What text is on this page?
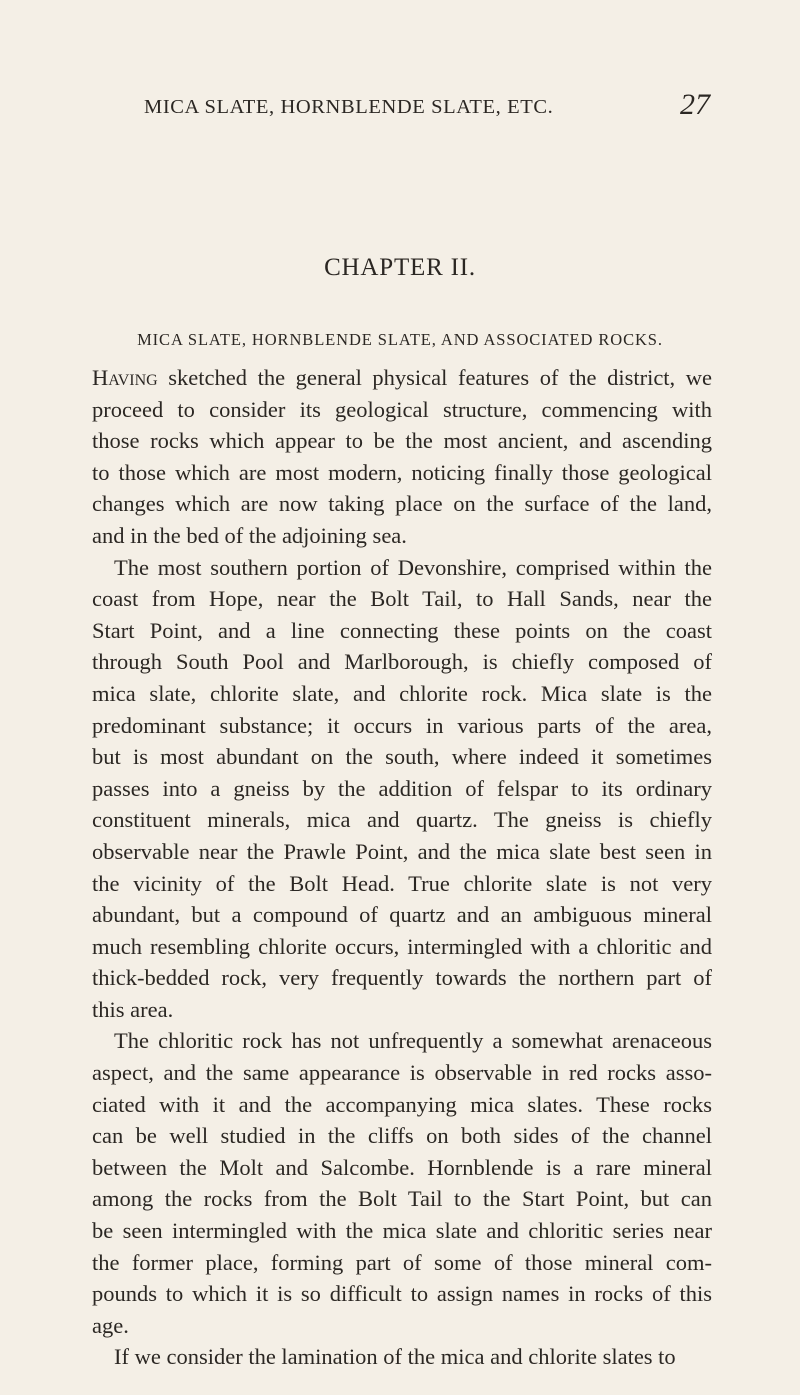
MICA SLATE, HORNBLENDE SLATE, ETC.	27
CHAPTER II.
MICA SLATE, HORNBLENDE SLATE, AND ASSOCIATED ROCKS.
Having sketched the general physical features of the district, we
proceed to consider its geological structure, commencing with
those rocks which appear to be the most ancient, and ascending
to those which are most modern, noticing finally those geological
changes which are now taking place on the surface of the land,
and in the bed of the adjoining sea.
The most southern portion of Devonshire, comprised within the
coast from Hope, near the Bolt Tail, to Hall Sands, near the
Start Point, and a line connecting these points on the coast
through South Pool and Marlborough, is chiefly composed of
mica slate, chlorite slate, and chlorite rock. Mica slate is the
predominant substance; it occurs in various parts of the area,
but is most abundant on the south, where indeed it sometimes
passes into a gneiss by the addition of felspar to its ordinary
constituent minerals, mica and quartz. The gneiss is chiefly
observable near the Prawle Point, and the mica slate best seen in
the vicinity of the Bolt Head. True chlorite slate is not very
abundant, but a compound of quartz and an ambiguous mineral
much resembling chlorite occurs, intermingled with a chloritic and
thick-bedded rock, very frequently towards the northern part of
this area.
The chloritic rock has not unfrequently a somewhat arenaceous
aspect, and the same appearance is observable in red rocks asso-
ciated with it and the accompanying mica slates. These rocks
can be well studied in the cliffs on both sides of the channel
between the Molt and Salcombe. Hornblende is a rare mineral
among the rocks from the Bolt Tail to the Start Point, but can
be seen intermingled with the mica slate and chloritic series near
the former place, forming part of some of those mineral com-
pounds to which it is so difficult to assign names in rocks of this
age.
If we consider the lamination of the mica and chlorite slates to
